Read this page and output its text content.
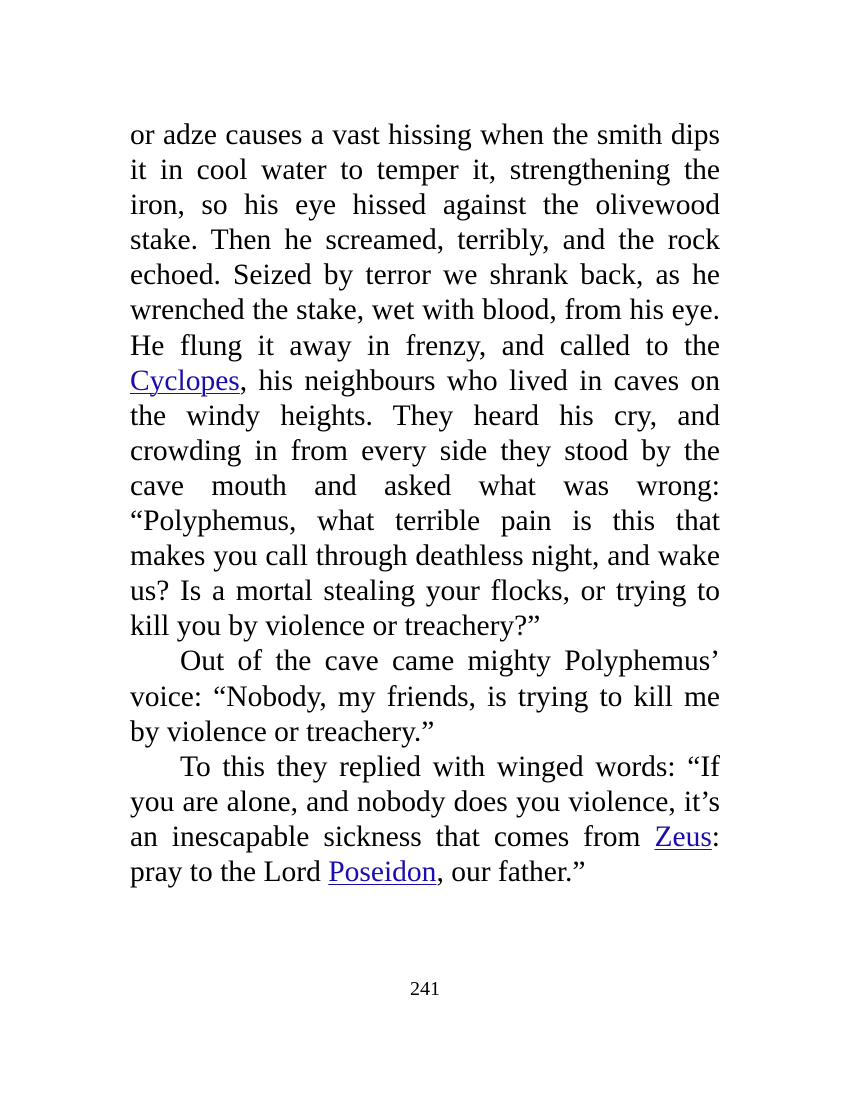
or adze causes a vast hissing when the smith dips it in cool water to temper it, strengthening the iron, so his eye hissed against the olivewood stake. Then he screamed, terribly, and the rock echoed. Seized by terror we shrank back, as he wrenched the stake, wet with blood, from his eye. He flung it away in frenzy, and called to the Cyclopes, his neighbours who lived in caves on the windy heights. They heard his cry, and crowding in from every side they stood by the cave mouth and asked what was wrong: “Polyphemus, what terrible pain is this that makes you call through deathless night, and wake us? Is a mortal stealing your flocks, or trying to kill you by violence or treachery?”

Out of the cave came mighty Polyphemus’ voice: “Nobody, my friends, is trying to kill me by violence or treachery.”

To this they replied with winged words: “If you are alone, and nobody does you violence, it’s an inescapable sickness that comes from Zeus: pray to the Lord Poseidon, our father.”

241
